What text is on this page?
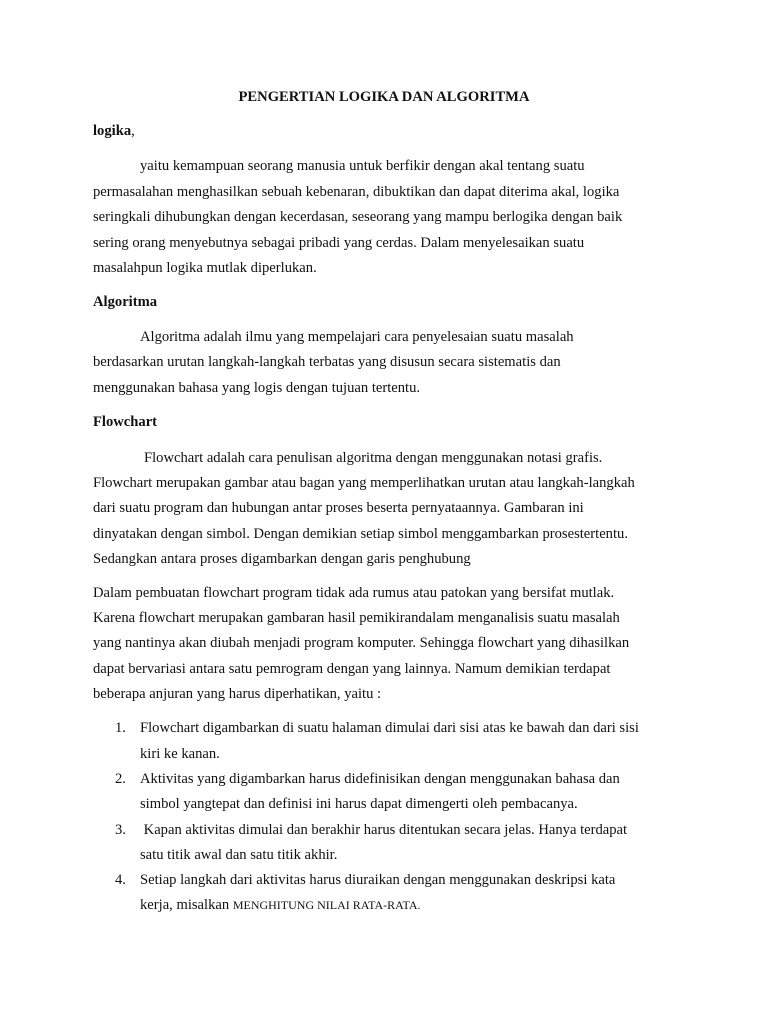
PENGERTIAN LOGIKA DAN ALGORITMA
logika,
yaitu kemampuan seorang manusia untuk berfikir dengan akal tentang suatu
permasalahan menghasilkan sebuah kebenaran, dibuktikan dan dapat diterima akal, logika
seringkali dihubungkan dengan kecerdasan, seseorang yang mampu berlogika dengan baik
sering orang menyebutnya sebagai pribadi yang cerdas. Dalam menyelesaikan suatu
masalahpun logika mutlak diperlukan.
Algoritma
Algoritma adalah ilmu yang mempelajari cara penyelesaian suatu masalah
berdasarkan urutan langkah-langkah terbatas yang disusun secara sistematis dan
menggunakan bahasa yang logis dengan tujuan tertentu.
Flowchart
Flowchart adalah cara penulisan algoritma dengan menggunakan notasi grafis.
Flowchart merupakan gambar atau bagan yang memperlihatkan urutan atau langkah-langkah
dari suatu program dan hubungan antar proses beserta pernyataannya. Gambaran ini
dinyatakan dengan simbol. Dengan demikian setiap simbol menggambarkan prosestertentu.
Sedangkan antara proses digambarkan dengan garis penghubung
Dalam pembuatan flowchart program tidak ada rumus atau patokan yang bersifat mutlak.
Karena flowchart merupakan gambaran hasil pemikirandalam menganalisis suatu masalah
yang nantinya akan diubah menjadi program komputer. Sehingga flowchart yang dihasilkan
dapat bervariasi antara satu pemrogram dengan yang lainnya. Namum demikian terdapat
beberapa anjuran yang harus diperhatikan, yaitu :
1. Flowchart digambarkan di suatu halaman dimulai dari sisi atas ke bawah dan dari sisi
kiri ke kanan.
2. Aktivitas yang digambarkan harus didefinisikan dengan menggunakan bahasa dan
simbol yangtepat dan definisi ini harus dapat dimengerti oleh pembacanya.
3. Kapan aktivitas dimulai dan berakhir harus ditentukan secara jelas. Hanya terdapat
satu titik awal dan satu titik akhir.
4. Setiap langkah dari aktivitas harus diuraikan dengan menggunakan deskripsi kata
kerja, misalkan MENGHITUNG NILAI RATA-RATA.
